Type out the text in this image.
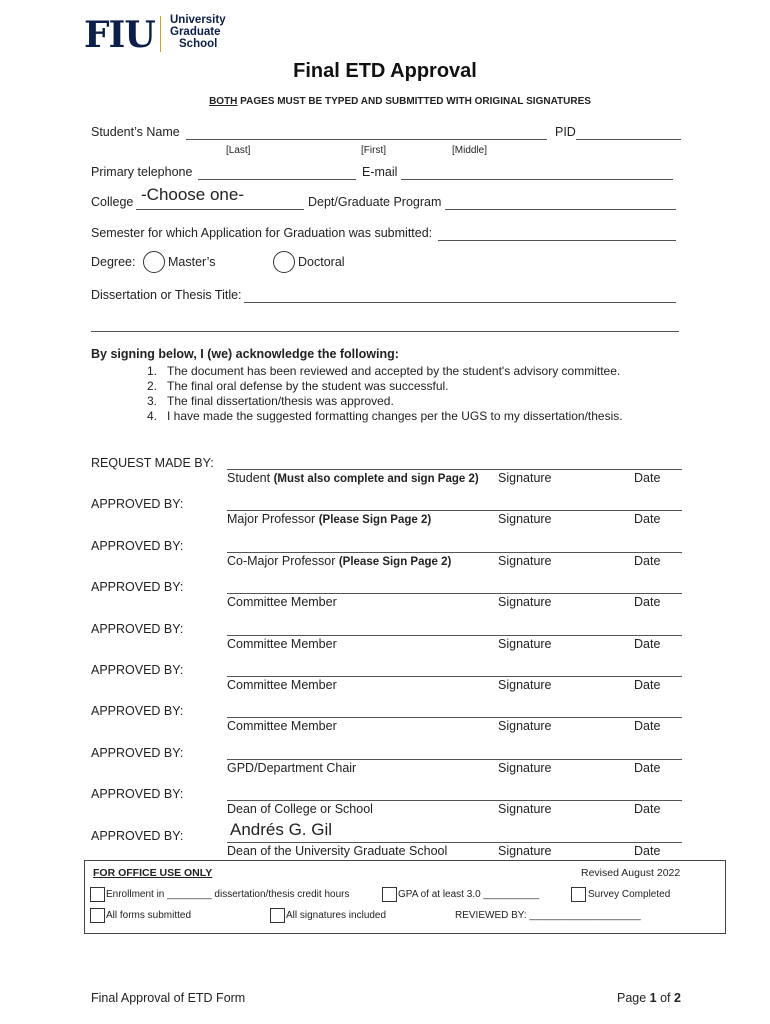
FIU University
Graduate
School
Final ETD Approval
BOTH PAGES MUST BE TYPED AND SUBMITTED WITH ORIGINAL SIGNATURES
Student’s Name	PID
[Last]	[First]	[Middle]
Primary telephone	E-mail
College -Choose one-	Dept/Graduate Program
Semester for which Application for Graduation was submitted:
Degree:	Master’s	Doctoral
Dissertation or Thesis Title:
By signing below, I (we) acknowledge the following:
1.   The document has been reviewed and accepted by the student's advisory committee.
2.   The final oral defense by the student was successful.
3.   The final dissertation/thesis was approved.
4.   I have made the suggested formatting changes per the UGS to my dissertation/thesis.
REQUEST MADE BY:
Student (Must also complete and sign Page 2) Signature	Date
APPROVED BY:
Major Professor (Please Sign Page 2)	Signature	Date
APPROVED BY:
Co-Major Professor (Please Sign Page 2)	Signature	Date
APPROVED BY:
Committee Member	Signature	Date
APPROVED BY:
Committee Member	Signature	Date
APPROVED BY:
Committee Member	Signature	Date
APPROVED BY:
Committee Member	Signature	Date
APPROVED BY:
GPD/Department Chair	Signature	Date
APPROVED BY:
Dean of College or School	Signature	Date
APPROVED BY:	Andrés G. Gil
Dean of the University Graduate School	Signature	Date
FOR OFFICE USE ONLY	Revised August 2022
Enrollment in ________ dissertation/thesis credit hours	GPA of at least 3.0 __________	Survey Completed
All forms submitted	All signatures included	REVIEWED BY: ____________________
Final Approval of ETD Form	Page 1 of 2
